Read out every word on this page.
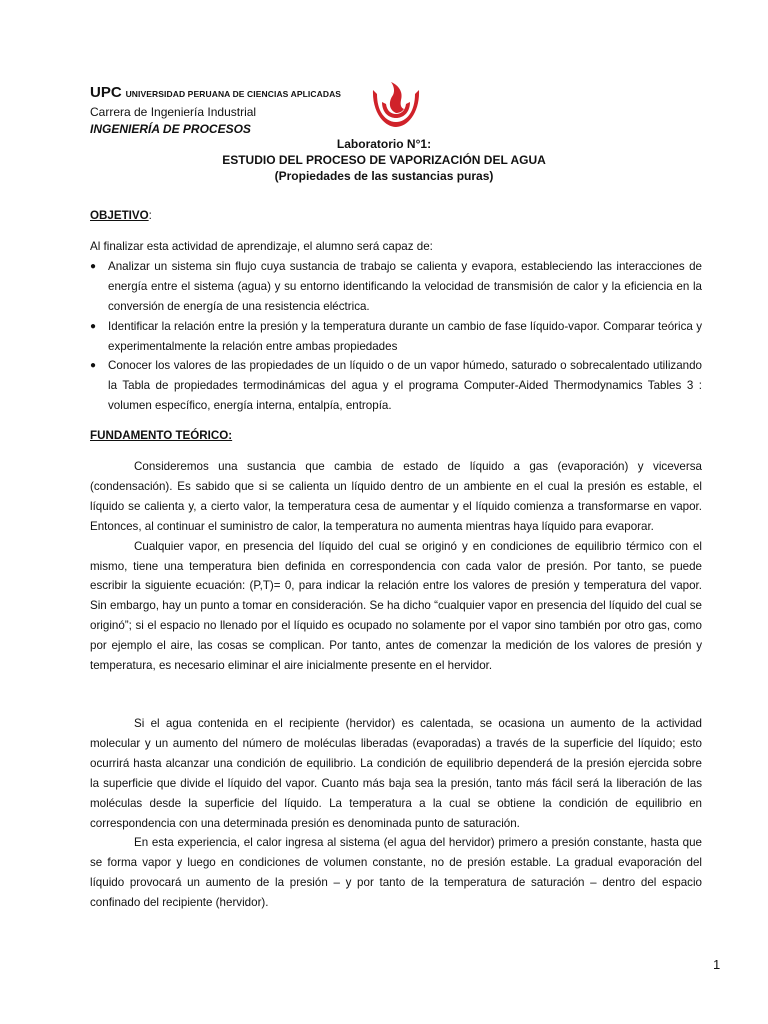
UPC UNIVERSIDAD PERUANA DE CIENCIAS APLICADAS
Carrera de Ingeniería Industrial
INGENIERÍA DE PROCESOS
Laboratorio N°1:
ESTUDIO DEL PROCESO DE VAPORIZACIÓN DEL AGUA
(Propiedades de las sustancias puras)
OBJETIVO:

Al finalizar esta actividad de aprendizaje, el alumno será capaz de:

● Analizar un sistema sin flujo cuya sustancia de trabajo se calienta y evapora, estableciendo las interacciones de energía entre el sistema (agua) y su entorno identificando la velocidad de transmisión de calor y la eficiencia en la conversión de energía de una resistencia eléctrica.
● Identificar la relación entre la presión y la temperatura durante un cambio de fase líquido-vapor. Comparar teórica y experimentalmente la relación entre ambas propiedades
● Conocer los valores de las propiedades de un líquido o de un vapor húmedo, saturado o sobrecalentado utilizando la Tabla de propiedades termodinámicas del agua y el programa Computer-Aided Thermodynamics Tables 3 : volumen específico, energía interna, entalpía, entropía.
FUNDAMENTO TEÓRICO:

Consideremos una sustancia que cambia de estado de líquido a gas (evaporación) y viceversa (condensación). Es sabido que si se calienta un líquido dentro de un ambiente en el cual la presión es estable, el líquido se calienta y, a cierto valor, la temperatura cesa de aumentar y el líquido comienza a transformarse en vapor. Entonces, al continuar el suministro de calor, la temperatura no aumenta mientras haya líquido para evaporar.

Cualquier vapor, en presencia del líquido del cual se originó y en condiciones de equilibrio térmico con el mismo, tiene una temperatura bien definida en correspondencia con cada valor de presión. Por tanto, se puede escribir la siguiente ecuación: (P,T)= 0, para indicar la relación entre los valores de presión y temperatura del vapor. Sin embargo, hay un punto a tomar en consideración. Se ha dicho “cualquier vapor en presencia del líquido del cual se originó”; si el espacio no llenado por el líquido es ocupado no solamente por el vapor sino también por otro gas, como por ejemplo el aire, las cosas se complican. Por tanto, antes de comenzar la medición de los valores de presión y temperatura, es necesario eliminar el aire inicialmente presente en el hervidor.

Si el agua contenida en el recipiente (hervidor) es calentada, se ocasiona un aumento de la actividad molecular y un aumento del número de moléculas liberadas (evaporadas) a través de la superficie del líquido; esto ocurrirá hasta alcanzar una condición de equilibrio. La condición de equilibrio dependerá de la presión ejercida sobre la superficie que divide el líquido del vapor. Cuanto más baja sea la presión, tanto más fácil será la liberación de las moléculas desde la superficie del líquido. La temperatura a la cual se obtiene la condición de equilibrio en correspondencia con una determinada presión es denominada punto de saturación.

En esta experiencia, el calor ingresa al sistema (el agua del hervidor) primero a presión constante, hasta que se forma vapor y luego en condiciones de volumen constante, no de presión estable. La gradual evaporación del líquido provocará un aumento de la presión – y por tanto de la temperatura de saturación – dentro del espacio confinado del recipiente (hervidor).

1
